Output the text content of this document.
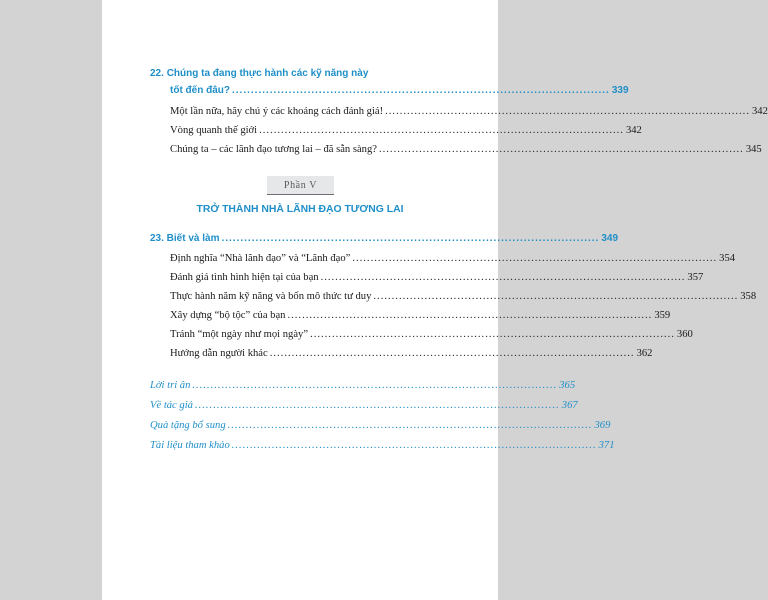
22. Chúng ta đang thực hành các kỹ năng này
tốt đến đâu? .................................................................................................... 339
Một lần nữa, hãy chú ý các khoảng cách đánh giá! .................................................................................................... 342
Vòng quanh thế giới .................................................................................................... 342
Chúng ta – các lãnh đạo tương lai – đã sẵn sàng? .................................................................................................... 345
Phần V
TRỞ THÀNH NHÀ LÃNH ĐẠO TƯƠNG LAI
23. Biết và làm .................................................................................................... 349
Định nghĩa “Nhà lãnh đạo” và “Lãnh đạo” .................................................................................................... 354
Đánh giá tình hình hiện tại của bạn .................................................................................................... 357
Thực hành năm kỹ năng và bốn mô thức tư duy .................................................................................................... 358
Xây dựng “bộ tộc” của bạn .................................................................................................... 359
Tránh “một ngày như mọi ngày” .................................................................................................... 360
Hướng dẫn người khác .................................................................................................... 362
Lời tri ân .................................................................................................... 365
Về tác giả .................................................................................................... 367
Quà tặng bổ sung .................................................................................................... 369
Tài liệu tham khảo .................................................................................................... 371
